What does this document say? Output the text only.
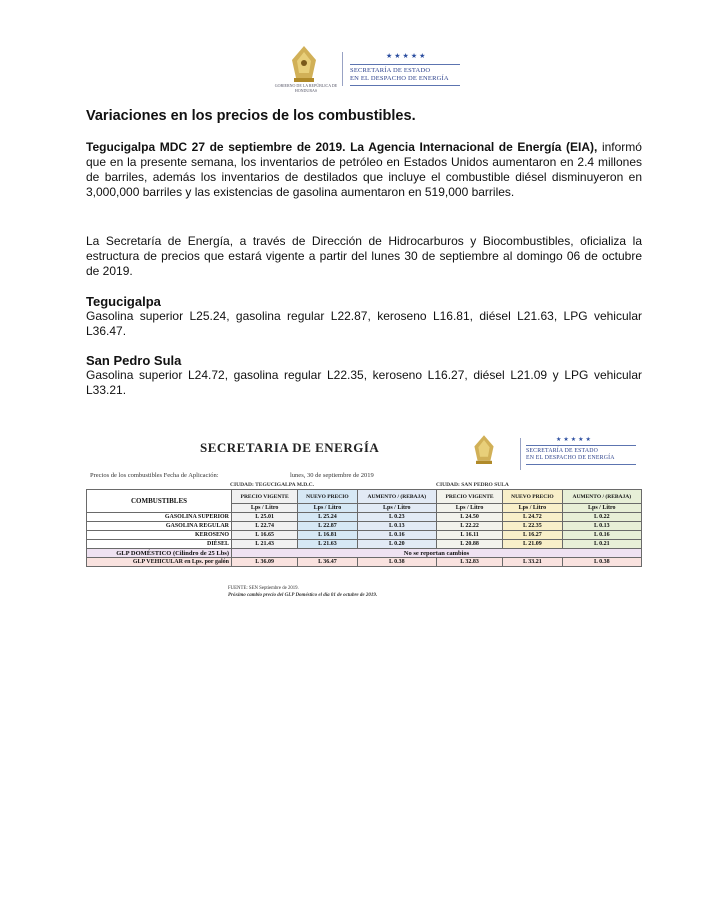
GOBIERNO DE LA REPÚBLICA DE HONDURAS
★★★★★
SECRETARÍA DE ESTADO
EN EL DESPACHO DE ENERGÍA
Variaciones en los precios de los combustibles.

Tegucigalpa MDC 27 de septiembre de 2019. La Agencia Internacional de Energía (EIA), informó que en la presente semana, los inventarios de petróleo en Estados Unidos aumentaron en 2.4 millones de barriles, además los inventarios de destilados que incluye el combustible diésel disminuyeron en 3,000,000 barriles y las existencias de gasolina aumentaron en 519,000 barriles.

La Secretaría de Energía, a través de Dirección de Hidrocarburos y Biocombustibles, oficializa la estructura de precios que estará vigente a partir del lunes 30 de septiembre al domingo 06 de octubre de 2019.

Tegucigalpa

Gasolina superior L25.24, gasolina regular L22.87, keroseno L16.81, diésel L21.63, LPG vehicular L36.47.

San Pedro Sula

Gasolina superior L24.72, gasolina regular L22.35, keroseno L16.27, diésel L21.09 y LPG vehicular L33.21.

SECRETARIA DE ENERGÍA	★★★★★
SECRETARÍA DE ESTADO
EN EL DESPACHO DE ENERGÍA
Precios de los combustibles Fecha de Aplicación:	lunes, 30 de septiembre de 2019
CIUDAD: TEGUCIGALPA M.D.C.	CIUDAD: SAN PEDRO SULA
COMBUSTIBLES	PRECIO VIGENTE	NUEVO PRECIO	AUMENTO / (REBAJA)	PRECIO VIGENTE	NUEVO PRECIO	AUMENTO / (REBAJA)
	Lps / Litro	Lps / Litro	Lps / Litro	Lps / Litro	Lps / Litro	Lps / Litro
GASOLINA SUPERIOR	L 25.01	L 25.24	L 0.23	L 24.50	L 24.72	L 0.22
GASOLINA REGULAR	L 22.74	L 22.87	L 0.13	L 22.22	L 22.35	L 0.13
KEROSENO	L 16.65	L 16.81	L 0.16	L 16.11	L 16.27	L 0.16
DIÉSEL	L 21.43	L 21.63	L 0.20	L 20.88	L 21.09	L 0.21
GLP DOMÉSTICO (Cilindro de 25 Lbs)	No se reportan cambios					
GLP VEHICULAR en Lps. por galón	L 36.09	L 36.47	L 0.38	L 32.83	L 33.21	L 0.38
FUENTE: SEN Septiembre de 2019.
Próximo cambio precio del GLP Doméstico el día 01 de octubre de 2019.
